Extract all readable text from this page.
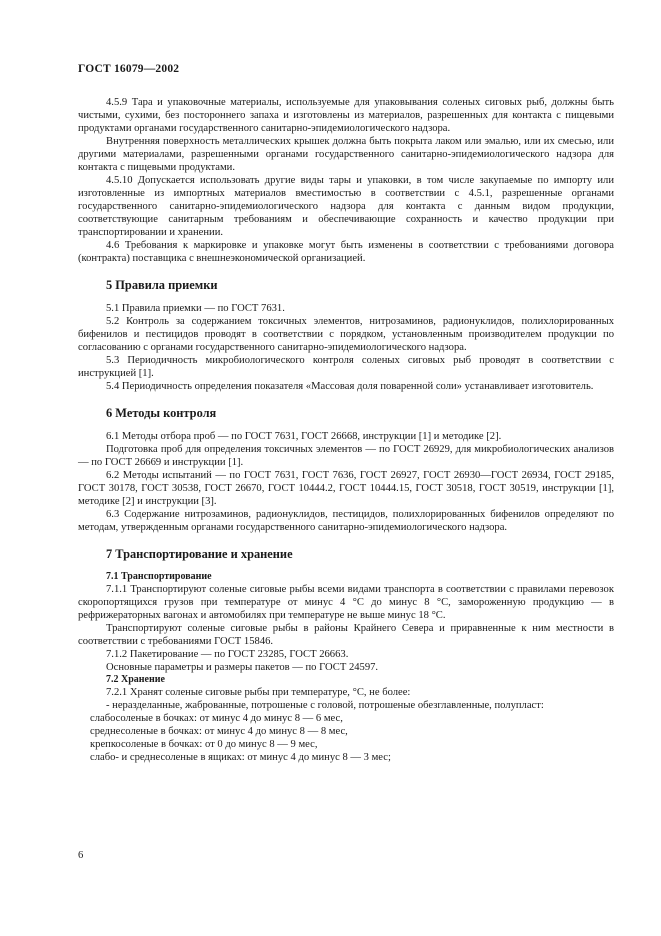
ГОСТ 16079—2002

4.5.9 Тара и упаковочные материалы, используемые для упаковывания соленых сиговых рыб, должны быть чистыми, сухими, без постороннего запаха и изготовлены из материалов, разрешенных для контакта с пищевыми продуктами органами государственного санитарно-эпидемиологического надзора.

Внутренняя поверхность металлических крышек должна быть покрыта лаком или эмалью, или их смесью, или другими материалами, разрешенными органами государственного санитарно-эпидемиологического надзора для контакта с пищевыми продуктами.

4.5.10 Допускается использовать другие виды тары и упаковки, в том числе закупаемые по импорту или изготовленные из импортных материалов вместимостью в соответствии с 4.5.1, разрешенные органами государственного санитарно-эпидемиологического надзора для контакта с данным видом продукции, соответствующие санитарным требованиям и обеспечивающие сохранность и качество продукции при транспортировании и хранении.

4.6 Требования к маркировке и упаковке могут быть изменены в соответствии с требованиями договора (контракта) поставщика с внешнеэкономической организацией.

5 Правила приемки

5.1 Правила приемки — по ГОСТ 7631.

5.2 Контроль за содержанием токсичных элементов, нитрозаминов, радионуклидов, полихлорированных бифенилов и пестицидов проводят в соответствии с порядком, установленным производителем продукции по согласованию с органами государственного санитарно-эпидемиологического надзора.

5.3 Периодичность микробиологического контроля соленых сиговых рыб проводят в соответствии с инструкцией [1].

5.4 Периодичность определения показателя «Массовая доля поваренной соли» устанавливает изготовитель.

6 Методы контроля

6.1 Методы отбора проб — по ГОСТ 7631, ГОСТ 26668, инструкции [1] и методике [2].

Подготовка проб для определения токсичных элементов — по ГОСТ 26929, для микробиологических анализов — по ГОСТ 26669 и инструкции [1].

6.2 Методы испытаний — по ГОСТ 7631, ГОСТ 7636, ГОСТ 26927, ГОСТ 26930—ГОСТ 26934, ГОСТ 29185, ГОСТ 30178, ГОСТ 30538, ГОСТ 26670, ГОСТ 10444.2, ГОСТ 10444.15, ГОСТ 30518, ГОСТ 30519, инструкции [1], методике [2] и инструкции [3].

6.3 Содержание нитрозаминов, радионуклидов, пестицидов, полихлорированных бифенилов определяют по методам, утвержденным органами государственного санитарно-эпидемиологического надзора.

7 Транспортирование и хранение
7.1 Транспортирование

7.1.1 Транспортируют соленые сиговые рыбы всеми видами транспорта в соответствии с правилами перевозок скоропортящихся грузов при температуре от минус 4 °С до минус 8 °С, замороженную продукцию — в рефрижераторных вагонах и автомобилях при температуре не выше минус 18 °С.

Транспортируют соленые сиговые рыбы в районы Крайнего Севера и приравненные к ним местности в соответствии с требованиями ГОСТ 15846.

7.1.2 Пакетирование — по ГОСТ 23285, ГОСТ 26663.

Основные параметры и размеры пакетов — по ГОСТ 24597.

7.2 Хранение

7.2.1 Хранят соленые сиговые рыбы при температуре, °С, не более:

- неразделанные, жаброванные, потрошеные с головой, потрошеные обезглавленные, полупласт:

слабосоленые в бочках: от минус 4 до минус 8 — 6 мес,

среднесоленые в бочках: от минус 4 до минус 8 — 8 мес,

крепкосоленые в бочках: от 0 до минус 8 — 9 мес,

слабо- и среднесоленые в ящиках: от минус 4 до минус 8 — 3 мес;

6
